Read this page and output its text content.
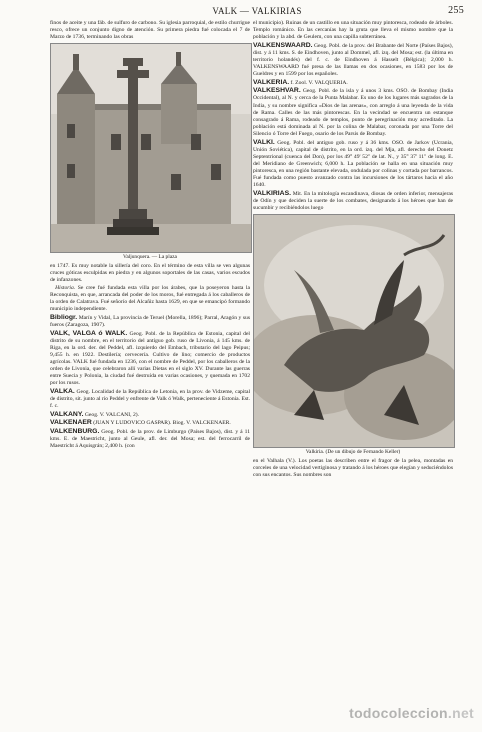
VALK — VALKIRIAS	255

finos de aceite y una fáb. de sulfuro de carbono. Su iglesia parroquial, de estilo churrigue resco, ofrece un conjunto digno de atención. Su primera piedra fué colocada el 7 de Marzo de 1736, terminando las obras

Valjunquera. — La plaza

en 1747. Es muy notable la sillería del coro. En el término de esta villa se ven algunas cruces góticas esculpidas en piedra y en algunos soportales de las casas, varios escudos de infanzones.

Historia. Se cree fué fundada esta villa por los árabes, que la poseyeron hasta la Reconquista, en que, arrancada del poder de los moros, fué entregada á los caballeros de la orden de Calatrava. Fué señorío del Alcañiz hasta 1629, en que se emancipó formando municipio independiente.

Bibliogr. Marín y Vidal, La provincia de Teruel (Morella, 1896); Parral, Aragón y sus fueros (Zaragoza, 1907).

VALK, VALGA ó WALK. Geog. Pobl. de la República de Estonia, capital del distrito de su nombre, en el territorio del antiguo gob. ruso de Livonia, á 145 kms. de Riga, en la ord. der. del Peddel, afl. izquierdo del Embach, tributario del lago Peipus; 9,455 h. en 1922. Destilería; cervecería. Cultivo de lino; comercio de productos agrícolas. VALK fué fundada en 1236, con el nombre de Peddel, por los caballeros de la orden de Livonia, que celebraron allí varias Dietas en el siglo XV. Durante las guerras entre Suecia y Polonia, la ciudad fué destruída en varias ocasiones, y quemada en 1702 por los rusos.

VALKA. Geog. Localidad de la República de Letonia, en la prov. de Vidzeme, capital de distrito, sit. junto al río Peddel y enfrente de Valk ó Walk, perteneciente á Estonia. Est. f. c.

VALKANY. Geog. V. VALCANI, 2).

VALKENAER (JUAN Y LUDOVICO GASPAR). Biog. V. VALCKENAER.

VALKENBURG. Geog. Pobl. de la prov. de Limburgo (Países Bajos), dist. y á 11 kms. E. de Maestricht, junto al Geule, afl. der. del Mosa; est. del ferrocarril de Maestricht á Aquisgrán; 2,400 h. (con

el municipio). Ruinas de un castillo en una situación muy pintoresca, rodeado de árboles. Templo románico. En las cercanías hay la gruta que lleva el mismo nombre que la población y la abd. de Geulem, con una capilla subterránea.

VALKENSWAARD. Geog. Pobl. de la prov. del Brabante del Norte (Países Bajos), dist. y á 11 kms. S. de Eindhoven, junto al Dommel, afl. izq. del Mosa; est. (la última en territorio holandés) del f. c. de Eindhoven á Hasselt (Bélgica); 2,000 h. VALKENSWAARD fué presa de las llamas en dos ocasiones, en 1583 por los de Gueldres y en 1599 por los españoles.

VALKERIA. f. Zool. V. VALQUERIA.

VALKESHVAR. Geog. Pobl. de la isla y á unos 3 kms. OSO. de Bombay (India Occidental), al N. y cerca de la Punta Malabar. Es uno de los lugares más sagrados de la India, y su nombre significa «Dios de las arenas», con arreglo á una leyenda de la vida de Rama. Calles de las más pintorescas. En la vecindad se encuentra un estanque consagrado á Rama, rodeado de templos, punto de peregrinación muy acreditado. La población está dominada al N. por la colina de Malabar, coronada por una Torre del Silencio ó Torre del Fuego, osario de los Parsis de Bombay.

VALKI. Geog. Pobl. del antiguo gob. ruso y á 36 kms. OSO. de Jarkov (Ucrania, Unión Soviética), capital de distrito, en la ord. izq. del Mja, afl. derecho del Donetz Septentrional (cuenca del Don), por los 49° 49' 52" de lat. N., y 35° 37' 11" de long. E. del Meridiano de Greenwich; 6,000 h. La población se halla en una situación muy pintoresca, en una región bastante elevada, ondulada por colinas y cortada por barrancos. Fué fundada como puesto avanzado contra las incursiones de los tártaros hacia el año 1640.

VALKIRIAS. Mit. En la mitología escandinava, diosas de orden inferior, mensajeras de Odín y que deciden la suerte de los combates, designando á los héroes que han de sucumbir y recibiéndolos luego

Valkiria. (De un dibujo de Fernando Keller)

en el Valhala (V.). Los poetas las describen entre el fragor de la pelea, montadas en corceles de una velocidad vertiginosa y tratando á los héroes que elegían y seduciéndolos con sus encantos. Sus nombres son

todocoleccion.net
